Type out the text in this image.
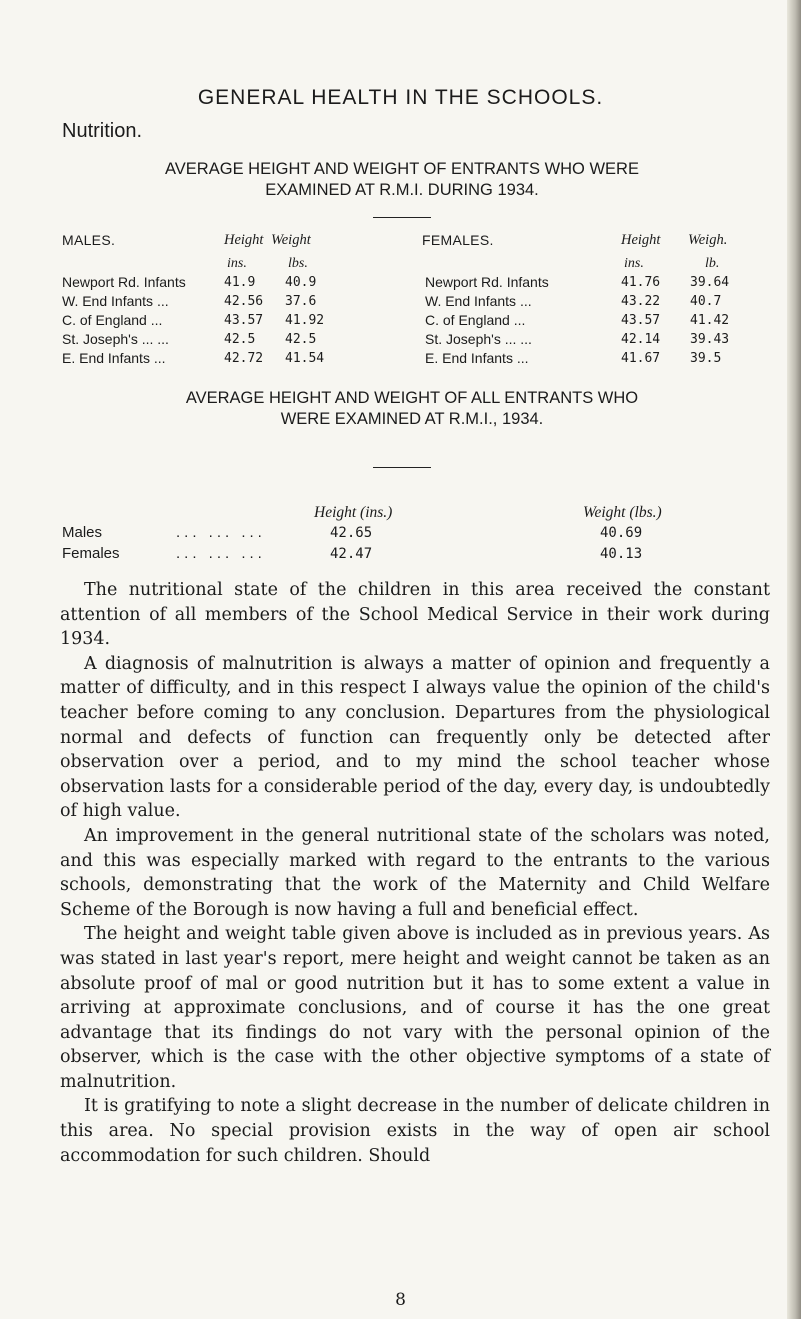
GENERAL HEALTH IN THE SCHOOLS.
Nutrition.
AVERAGE HEIGHT AND WEIGHT OF ENTRANTS WHO WERE
EXAMINED AT R.M.I. DURING 1934.
MALES.	Height Weight
ins.	lbs.
FEMALES.	Height Weigh.
ins.	lb.
Newport Rd. Infants	41.9 40.9
W. End Infants ...	42.56 37.6
C. of England ...	43.57 41.92
St. Joseph's ... ...	42.5 42.5
E. End Infants ...	42.72 41.54
Newport Rd. Infants	41.76 39.64
W. End Infants ...	43.22 40.7
C. of England ...	43.57 41.42
St. Joseph's ... ...	42.14 39.43
E. End Infants ...	41.67 39.5
AVERAGE HEIGHT AND WEIGHT OF ALL ENTRANTS WHO
WERE EXAMINED AT R.M.I., 1934.
Height (ins.)	Weight (lbs.)
Males	... ... ...	42.65	40.69
Females	... ... ...	42.47	40.13

The nutritional state of the children in this area received the constant attention of all members of the School Medical Service in their work during 1934.

A diagnosis of malnutrition is always a matter of opinion and frequently a matter of difficulty, and in this respect I always value the opinion of the child's teacher before coming to any conclusion. Departures from the physiological normal and defects of function can frequently only be detected after observation over a period, and to my mind the school teacher whose observation lasts for a considerable period of the day, every day, is undoubtedly of high value.

An improvement in the general nutritional state of the scholars was noted, and this was especially marked with regard to the entrants to the various schools, demonstrating that the work of the Maternity and Child Welfare Scheme of the Borough is now having a full and beneficial effect.

The height and weight table given above is included as in previous years. As was stated in last year's report, mere height and weight cannot be taken as an absolute proof of mal or good nutrition but it has to some extent a value in arriving at approximate conclusions, and of course it has the one great advantage that its findings do not vary with the personal opinion of the observer, which is the case with the other objective symptoms of a state of malnutrition.

It is gratifying to note a slight decrease in the number of delicate children in this area. No special provision exists in the way of open air school accommodation for such children. Should

8
